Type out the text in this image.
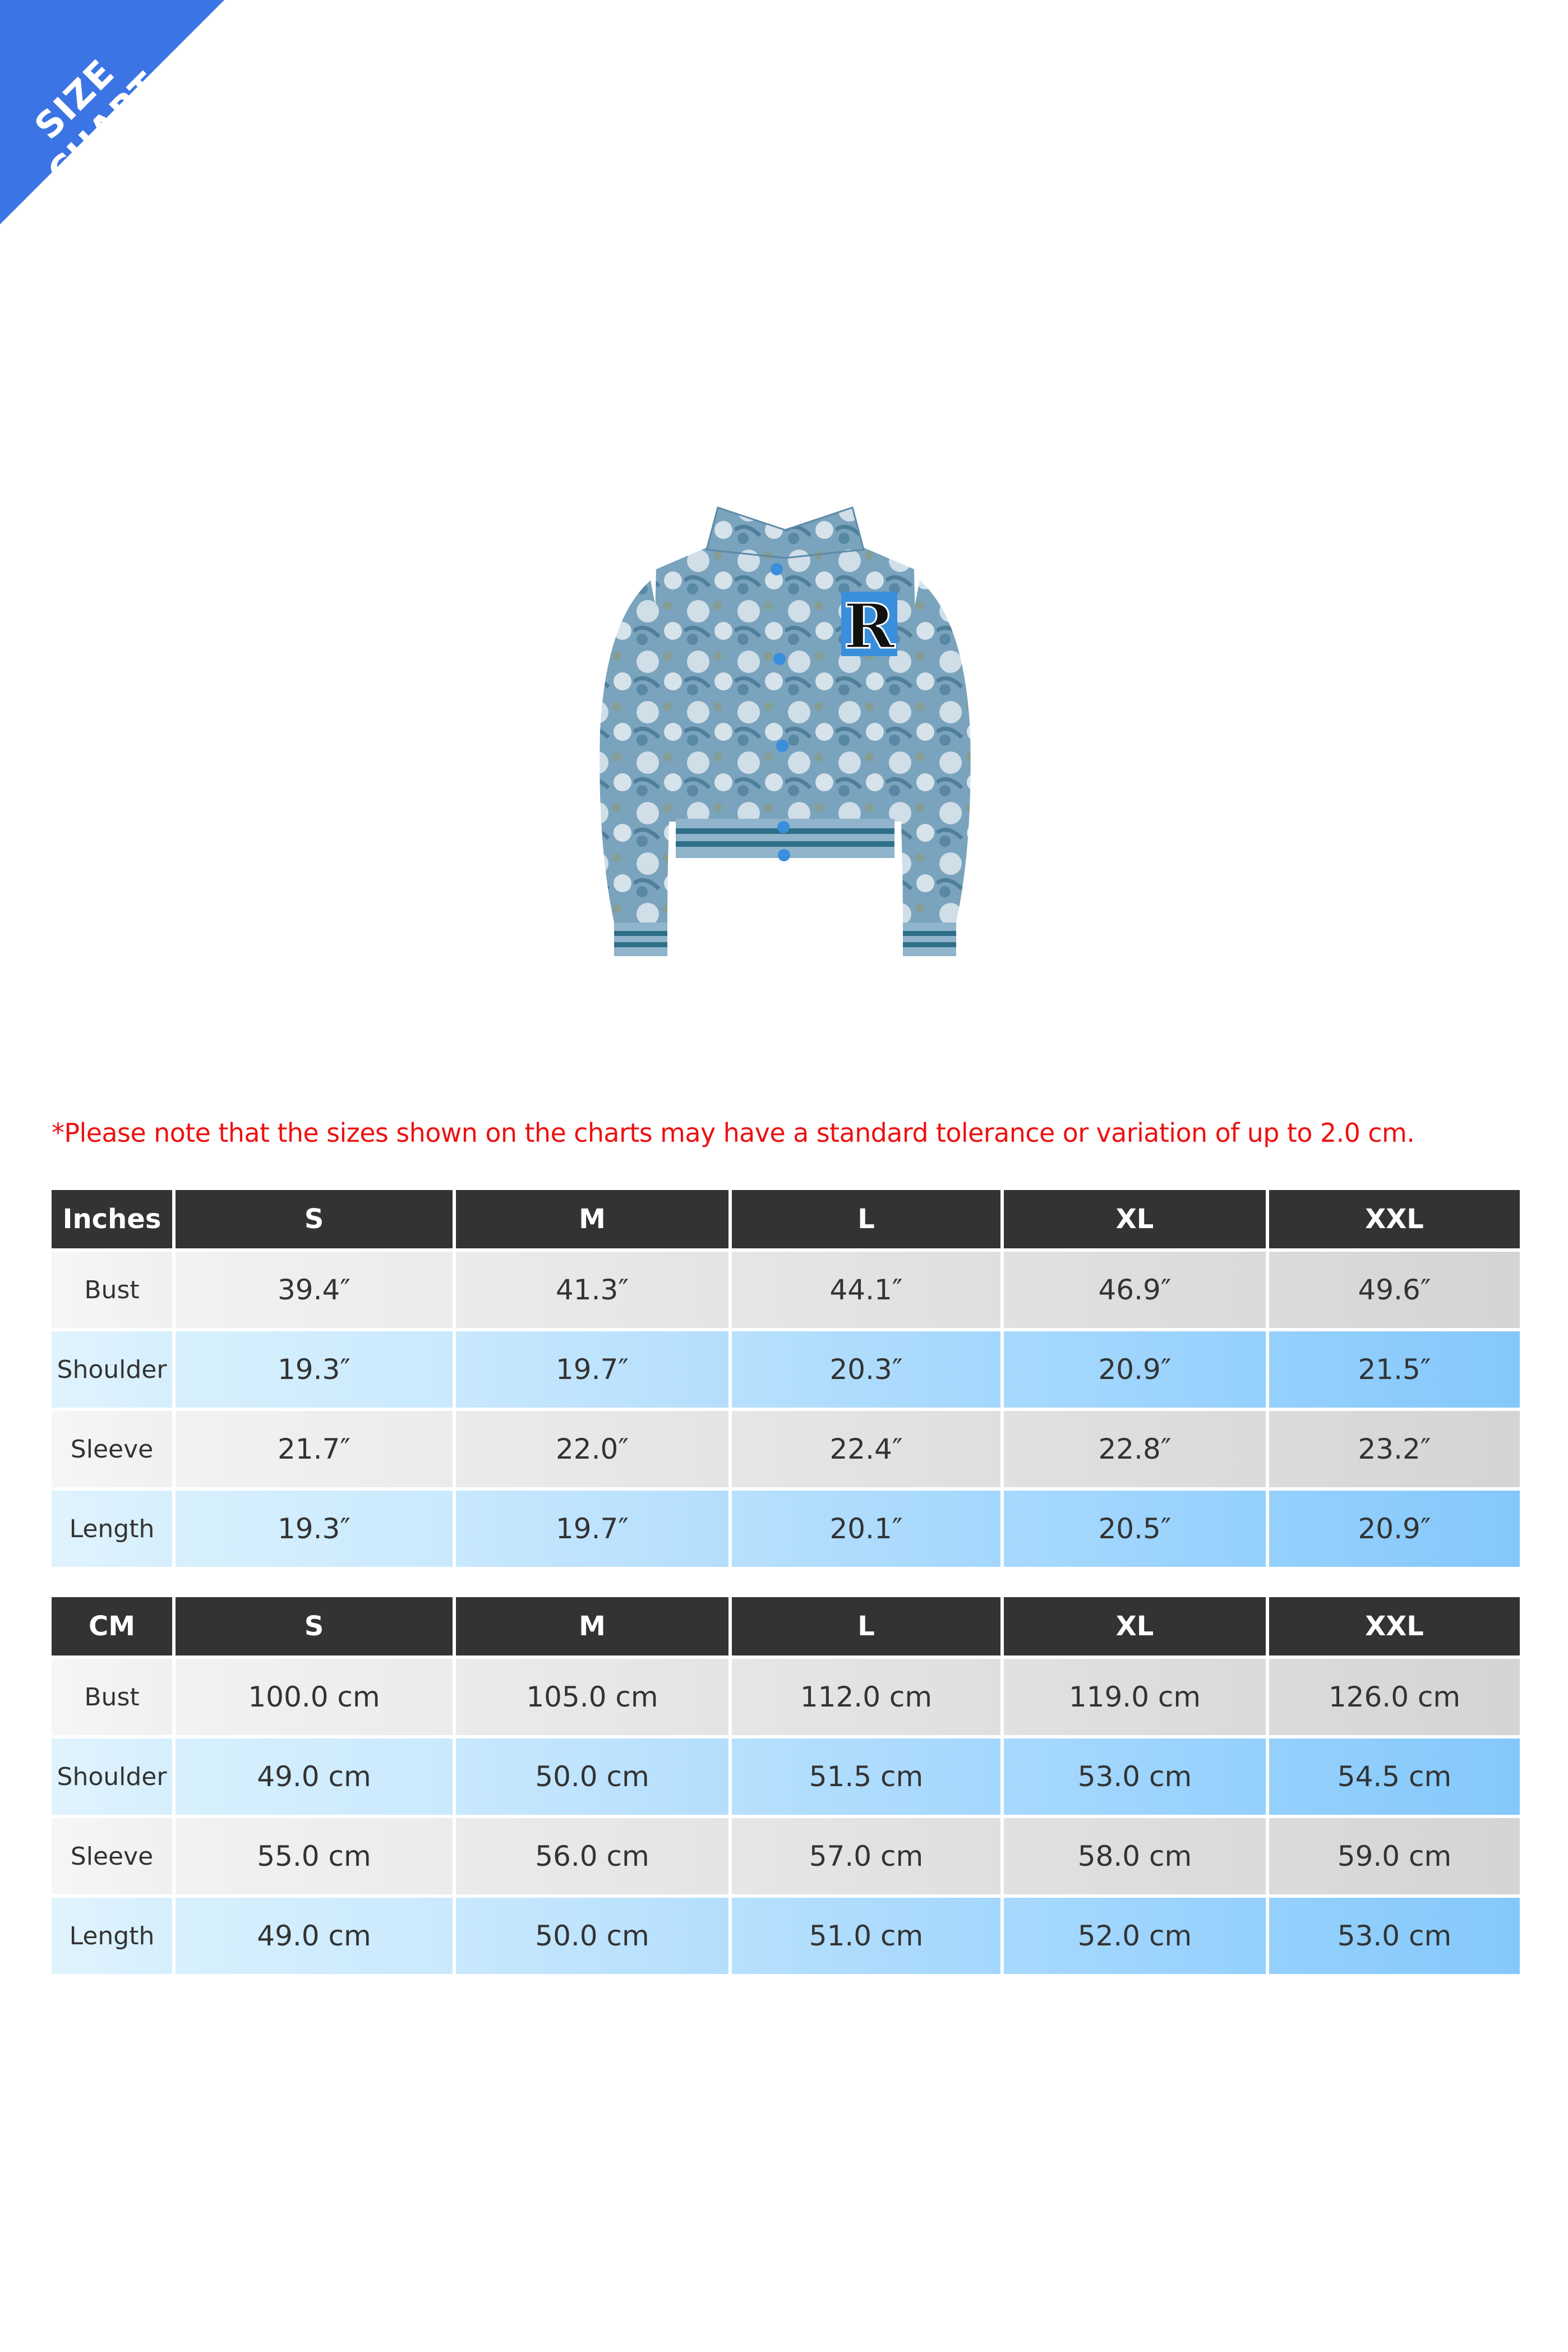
SIZE CHART
R
*Please note that the sizes shown on the charts may have a standard tolerance or variation of up to 2.0 cm.
Inches	S	M	L	XL	XXL
Bust	39.4″	41.3″	44.1″	46.9″	49.6″
Shoulder	19.3″	19.7″	20.3″	20.9″	21.5″
Sleeve	21.7″	22.0″	22.4″	22.8″	23.2″
Length	19.3″	19.7″	20.1″	20.5″	20.9″
CM	S	M	L	XL	XXL
Bust	100.0 cm	105.0 cm	112.0 cm	119.0 cm	126.0 cm
Shoulder	49.0 cm	50.0 cm	51.5 cm	53.0 cm	54.5 cm
Sleeve	55.0 cm	56.0 cm	57.0 cm	58.0 cm	59.0 cm
Length	49.0 cm	50.0 cm	51.0 cm	52.0 cm	53.0 cm
